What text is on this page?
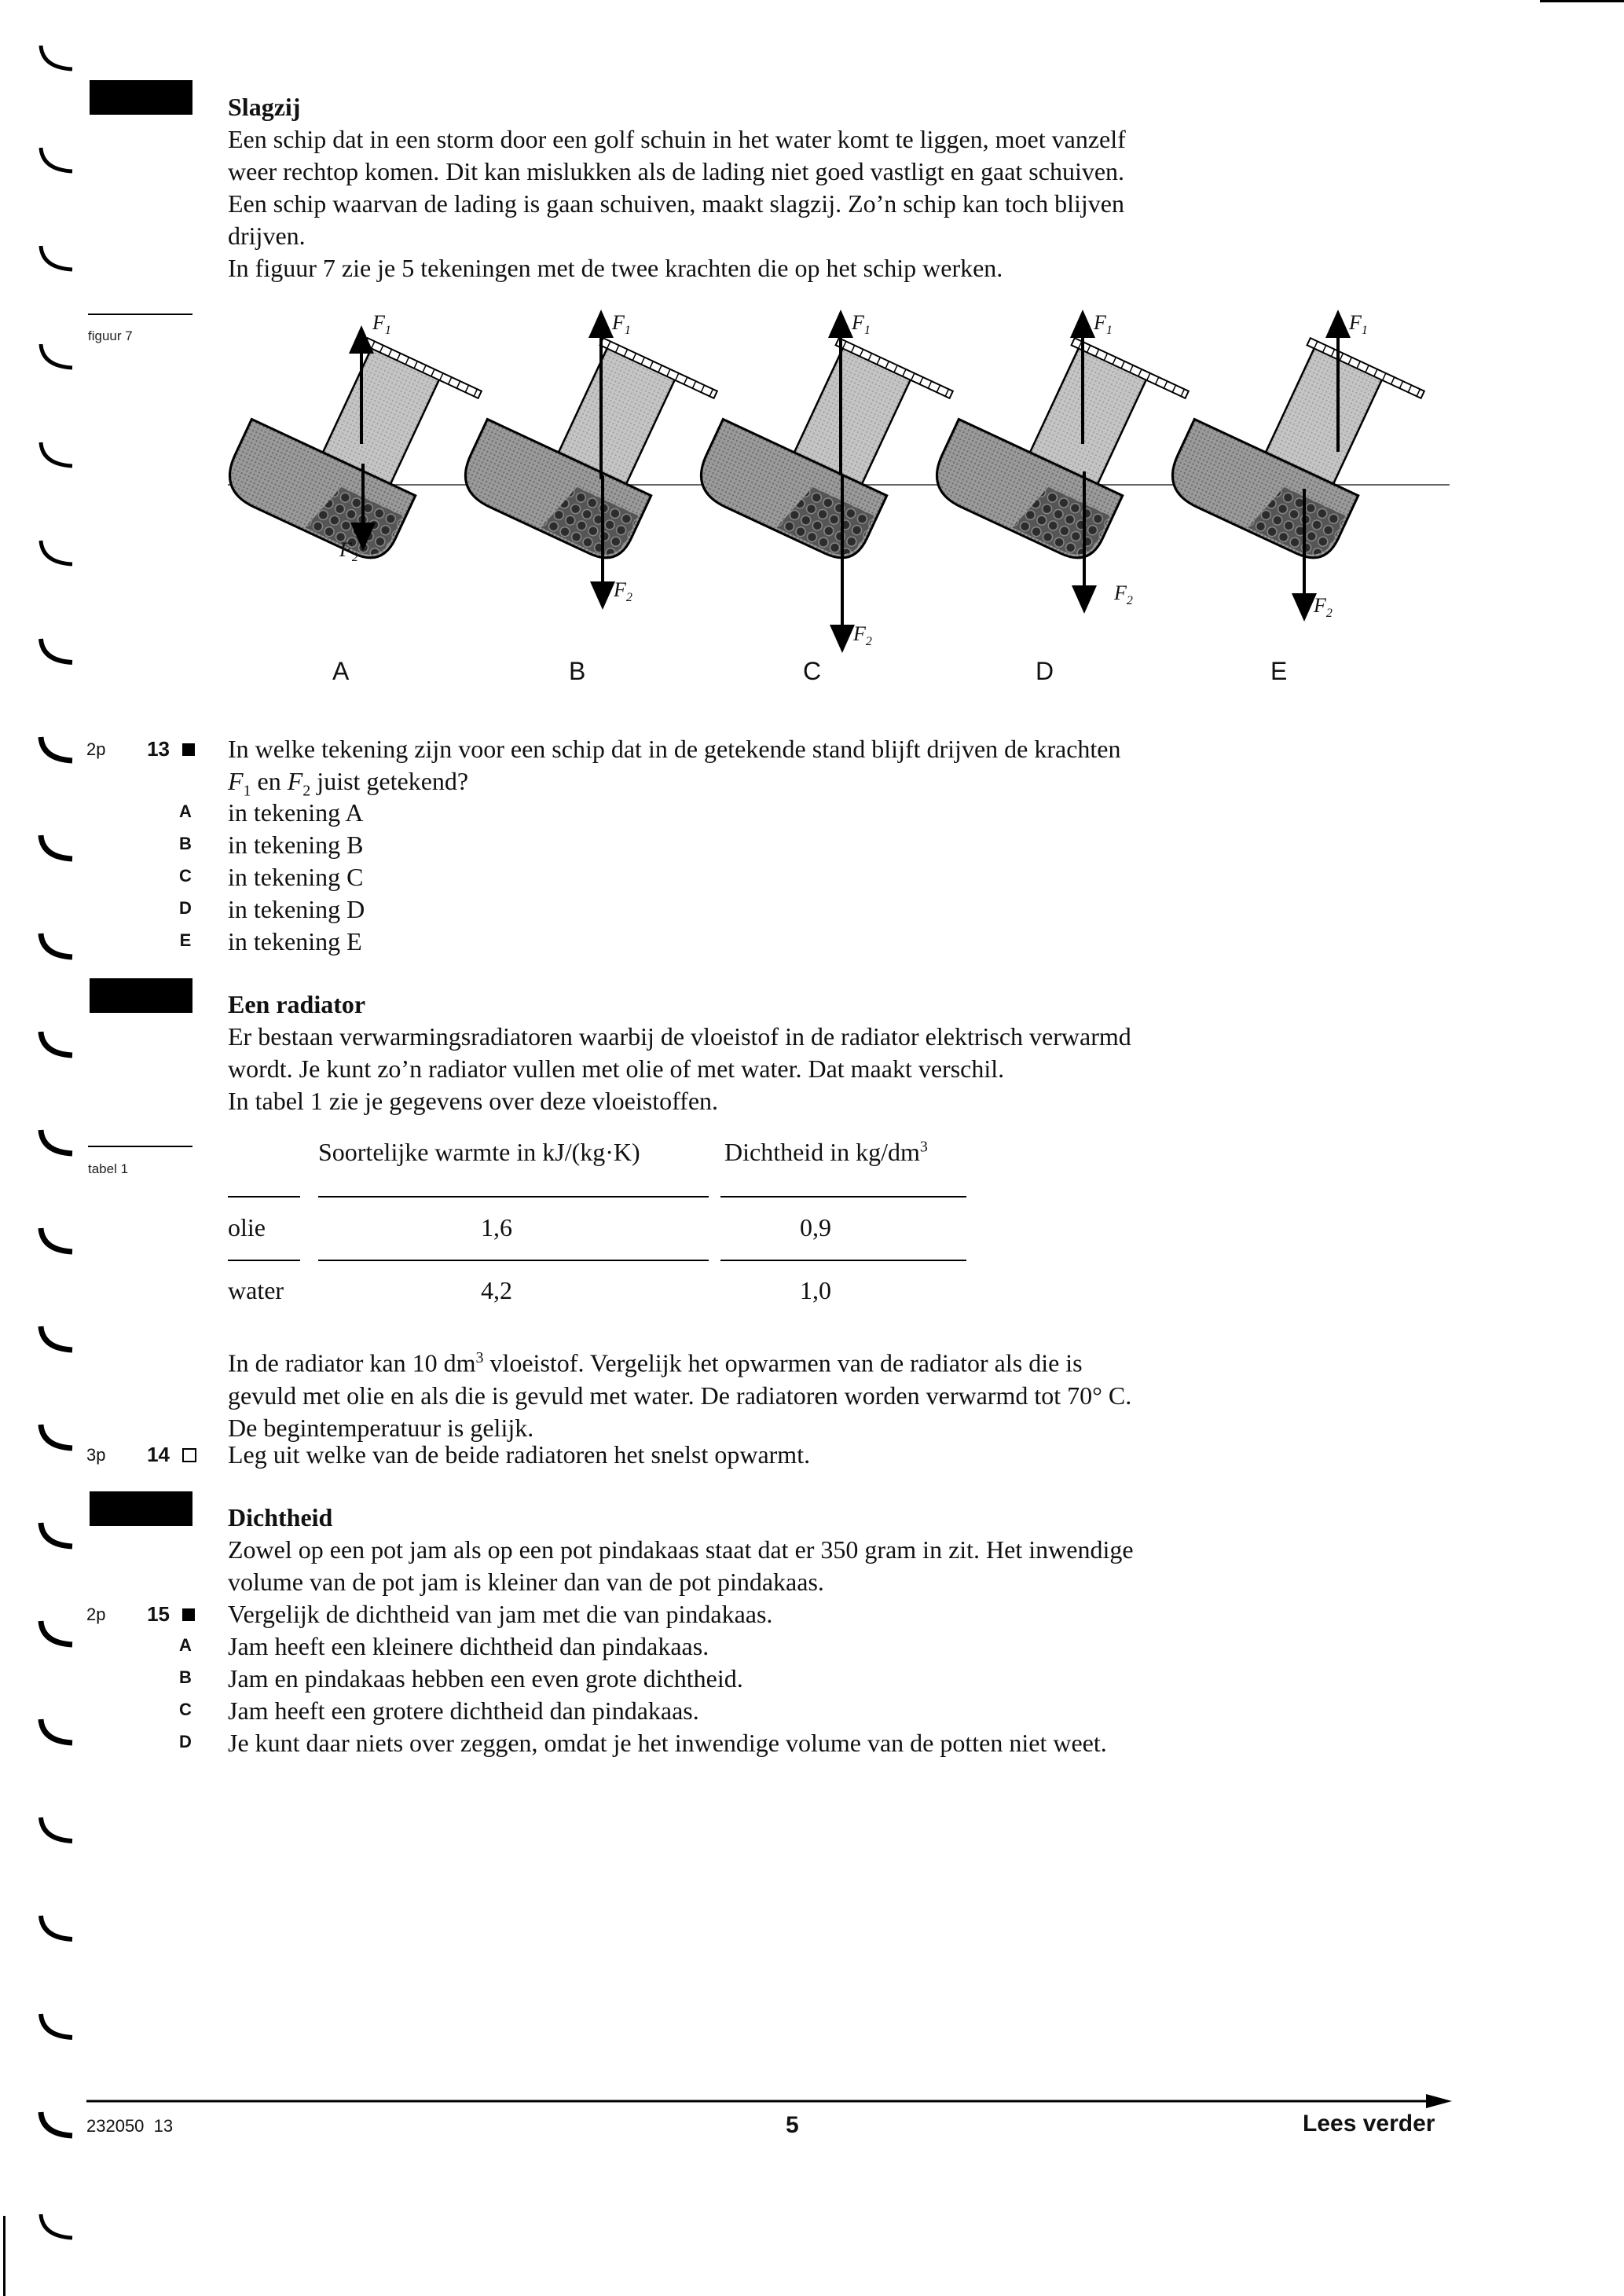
Slagzij
Een schip dat in een storm door een golf schuin in het water komt te liggen, moet vanzelf
weer rechtop komen. Dit kan mislukken als de lading niet goed vastligt en gaat schuiven.
Een schip waarvan de lading is gaan schuiven, maakt slagzij. Zo’n schip kan toch blijven
drijven.
In figuur 7 zie je 5 tekeningen met de twee krachten die op het schip werken.
figuur 7
$F_1$	$F_1$	$F_1$	$F_1$	$F_1$
$F_2$
$F_2$
$F_2$
$F_2$	$F_2$
A	B	C	D	E
2p	13 In welke tekening zijn voor een schip dat in de getekende stand blijft drijven de krachten
$F_1$ en $F_2$ juist getekend?
A in tekening A
B in tekening B
C in tekening C
D in tekening D
E in tekening E
Een radiator
Er bestaan verwarmingsradiatoren waarbij de vloeistof in de radiator elektrisch verwarmd
wordt. Je kunt zo’n radiator vullen met olie of met water. Dat maakt verschil.
In tabel 1 zie je gegevens over deze vloeistoffen.
tabel 1
Soortelijke warmte in kJ/(kg·K)	Dichtheid in $kg/dm^3$
olie	1,6	0,9
water	4,2	1,0
In de radiator kan 10 $dm^3$ vloeistof. Vergelijk het opwarmen van de radiator als die is
gevuld met olie en als die is gevuld met water. De radiatoren worden verwarmd tot 70° C.
De begintemperatuur is gelijk.
3p	14 Leg uit welke van de beide radiatoren het snelst opwarmt.
Dichtheid
Zowel op een pot jam als op een pot pindakaas staat dat er 350 gram in zit. Het inwendige
volume van de pot jam is kleiner dan van de pot pindakaas.
2p	15 Vergelijk de dichtheid van jam met die van pindakaas.
A Jam heeft een kleinere dichtheid dan pindakaas.
B Jam en pindakaas hebben een even grote dichtheid.
C Jam heeft een grotere dichtheid dan pindakaas.
D Je kunt daar niets over zeggen, omdat je het inwendige volume van de potten niet weet.
232050  13	5	Lees verder
